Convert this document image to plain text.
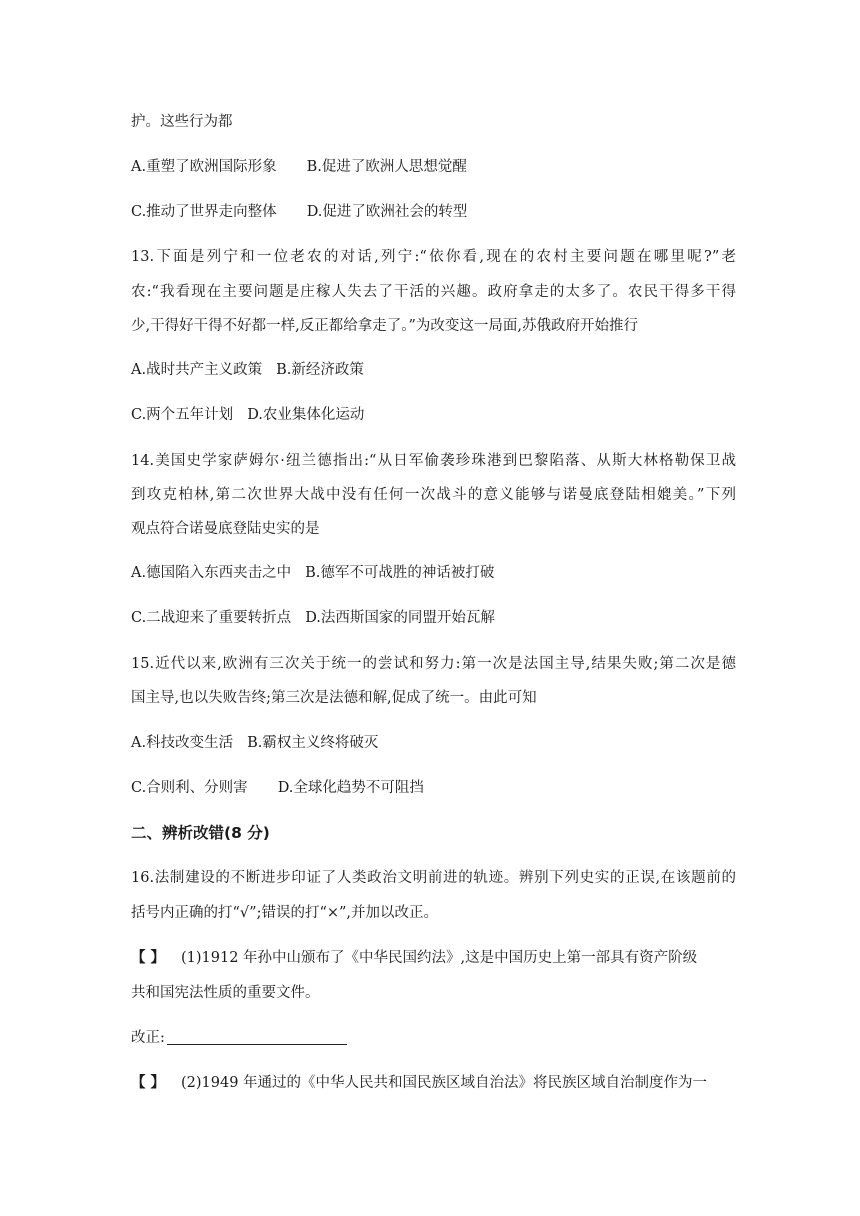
护。这些行为都
A.重塑了欧洲国际形象 B.促进了欧洲人思想觉醒
C.推动了世界走向整体 D.促进了欧洲社会的转型
13.下面是列宁和一位老农的对话,列宁:“依你看,现在的农村主要问题在哪里呢?”老
农:“我看现在主要问题是庄稼人失去了干活的兴趣。政府拿走的太多了。农民干得多干得
少,干得好干得不好都一样,反正都给拿走了。”为改变这一局面,苏俄政府开始推行
A.战时共产主义政策 B.新经济政策
C.两个五年计划 D.农业集体化运动
14.美国史学家萨姆尔·纽兰德指出:“从日军偷袭珍珠港到巴黎陷落、从斯大林格勒保卫战
到攻克柏林,第二次世界大战中没有任何一次战斗的意义能够与诺曼底登陆相媲美。”下列
观点符合诺曼底登陆史实的是
A.德国陷入东西夹击之中 B.德军不可战胜的神话被打破
C.二战迎来了重要转折点 D.法西斯国家的同盟开始瓦解
15.近代以来,欧洲有三次关于统一的尝试和努力:第一次是法国主导,结果失败;第二次是德
国主导,也以失败告终;第三次是法德和解,促成了统一。由此可知
A.科技改变生活 B.霸权主义终将破灭
C.合则利、分则害 D.全球化趋势不可阻挡
二、辨析改错(8 分)
16.法制建设的不断进步印证了人类政治文明前进的轨迹。辨别下列史实的正误,在该题前的
括号内正确的打“√”;错误的打“×”,并加以改正。
【 】 (1)1912 年孙中山颁布了《中华民国约法》,这是中国历史上第一部具有资产阶级
共和国宪法性质的重要文件。
改正:
【 】 (2)1949 年通过的《中华人民共和国民族区域自治法》将民族区域自治制度作为一
